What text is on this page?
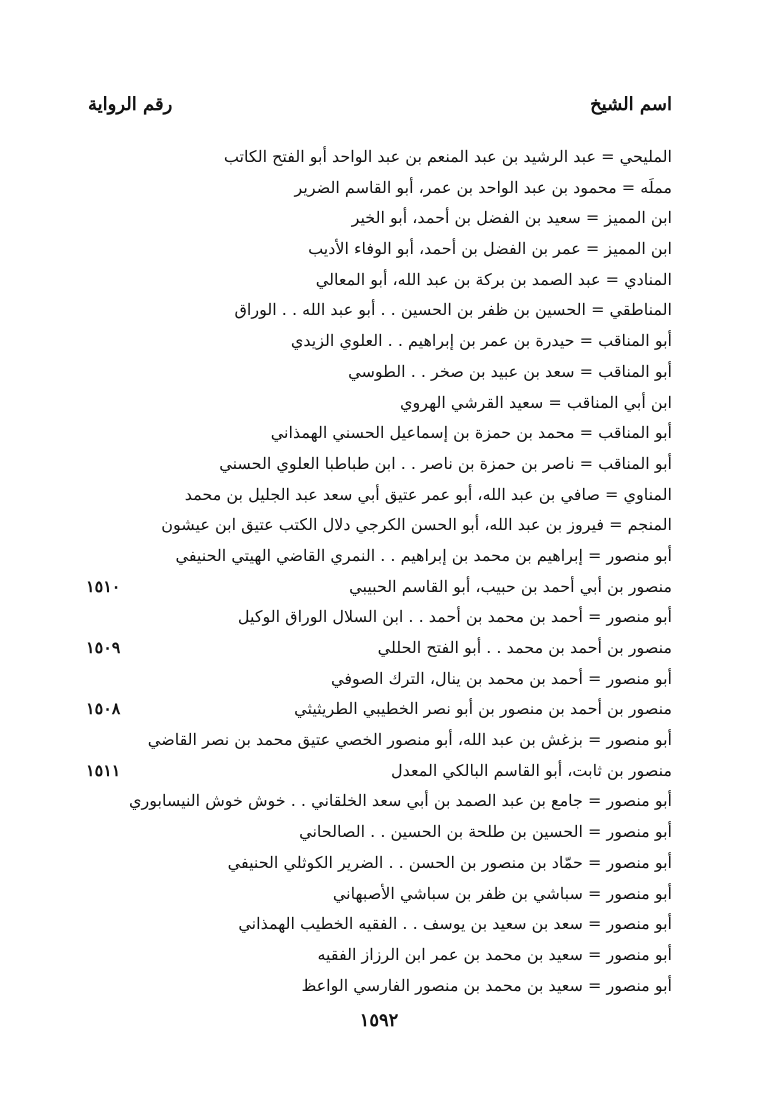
اسم الشيخ
رقم الرواية
المليحي = عبد الرشيد بن عبد المنعم بن عبد الواحد أبو الفتح الكاتب
مملَه = محمود بن عبد الواحد بن عمر، أبو القاسم الضرير
ابن المميز = سعيد بن الفضل بن أحمد، أبو الخير
ابن المميز = عمر بن الفضل بن أحمد، أبو الوفاء الأديب
المنادي = عبد الصمد بن بركة بن عبد الله، أبو المعالي
المناطقي = الحسين بن ظفر بن الحسين . . أبو عبد الله . . الوراق
أبو المناقب = حيدرة بن عمر بن إبراهيم . . العلوي الزيدي
أبو المناقب = سعد بن عبيد بن صخر . . الطوسي
ابن أبي المناقب = سعيد القرشي الهروي
أبو المناقب = محمد بن حمزة بن إسماعيل الحسني الهمذاني
أبو المناقب = ناصر بن حمزة بن ناصر . . ابن طباطبا العلوي الحسني
المناوي = صافي بن عبد الله، أبو عمر عتيق أبي سعد عبد الجليل بن محمد
المنجم = فيروز بن عبد الله، أبو الحسن الكرجي دلال الكتب عتيق ابن عيشون
أبو منصور = إبراهيم بن محمد بن إبراهيم . . النمري القاضي الهيتي الحنيفي
منصور بن أبي أحمد بن حبيب، أبو القاسم الحبيبي
١٥١٠
أبو منصور = أحمد بن محمد بن أحمد . . ابن السلال الوراق الوكيل
منصور بن أحمد بن محمد . . أبو الفتح الحللي
١٥٠٩
أبو منصور = أحمد بن محمد بن ينال، الترك الصوفي
منصور بن أحمد بن منصور بن أبو نصر الخطيبي الطريثيثي
١٥٠٨
أبو منصور = بزغش بن عبد الله، أبو منصور الخصي عتيق محمد بن نصر القاضي
منصور بن ثابت، أبو القاسم البالكي المعدل
١٥١١
أبو منصور = جامع بن عبد الصمد بن أبي سعد الخلقاني . . خوش خوش النيسابوري
أبو منصور = الحسين بن طلحة بن الحسين . . الصالحاني
أبو منصور = حمّاد بن منصور بن الحسن . . الضرير الكوثلي الحنيفي
أبو منصور = سباشي بن ظفر بن سباشي الأصبهاني
أبو منصور = سعد بن سعيد بن يوسف . . الفقيه الخطيب الهمذاني
أبو منصور = سعيد بن محمد بن عمر ابن الرزاز الفقيه
أبو منصور = سعيد بن محمد بن منصور الفارسي الواعظ
١٥٩٢
